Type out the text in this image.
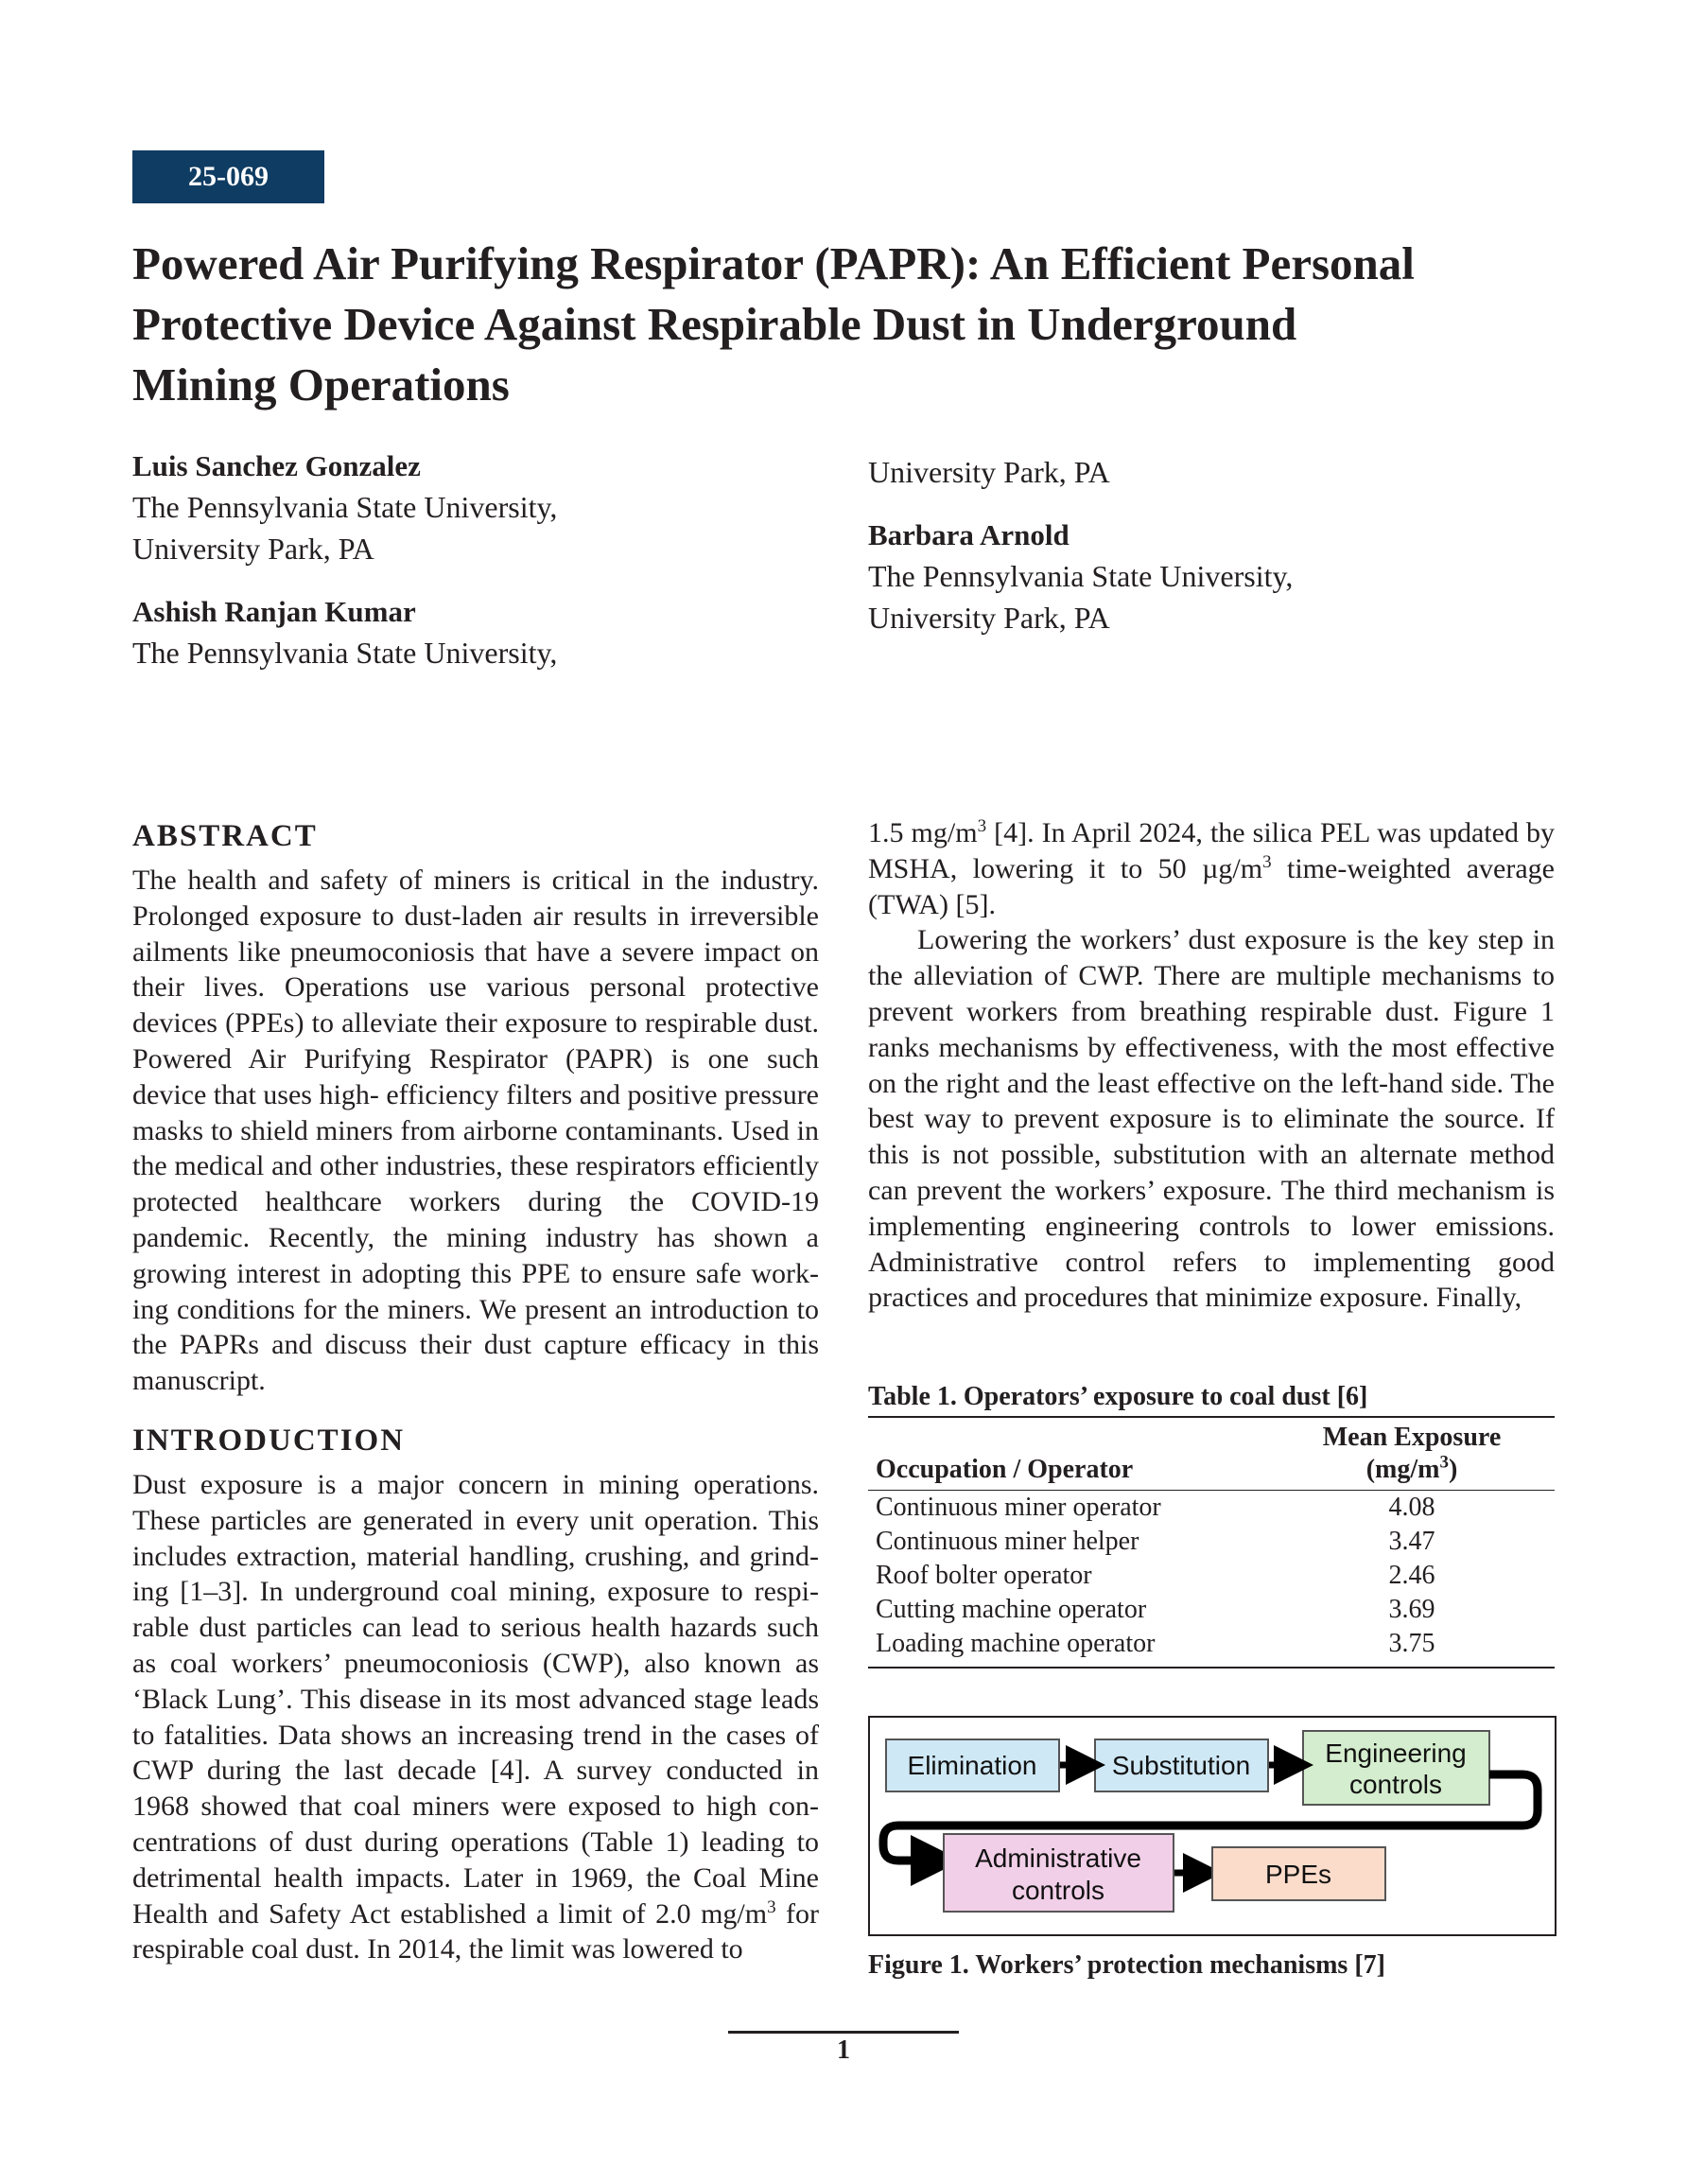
25-069
Powered Air Purifying Respirator (PAPR): An Efficient Personal
Protective Device Against Respirable Dust in Underground
Mining Operations
Luis Sanchez Gonzalez
The Pennsylvania State University,
University Park, PA
Ashish Ranjan Kumar
The Pennsylvania State University,
University Park, PA
Barbara Arnold
The Pennsylvania State University,
University Park, PA
ABSTRACT

The health and safety of miners is critical in the industry. Prolonged exposure to dust-laden air results in irreversible ailments like pneumoconiosis that have a severe impact on their lives. Operations use various personal protective devices (PPEs) to alleviate their exposure to respirable dust. Powered Air Purifying Respirator (PAPR) is one such device that uses high- efficiency filters and positive pressure masks to shield miners from airborne contaminants. Used in the medical and other industries, these respirators efficiently protected healthcare workers during the COVID-19 pandemic. Recently, the mining industry has shown a growing interest in adopting this PPE to ensure safe working conditions for the miners. We present an introduction to the PAPRs and discuss their dust capture efficacy in this manuscript.

INTRODUCTION

Dust exposure is a major concern in mining operations. These particles are generated in every unit operation. This includes extraction, material handling, crushing, and grinding [1–3]. In underground coal mining, exposure to respirable dust particles can lead to serious health hazards such as coal workers’ pneumoconiosis (CWP), also known as ‘Black Lung’. This disease in its most advanced stage leads to fatalities. Data shows an increasing trend in the cases of CWP during the last decade [4]. A survey conducted in 1968 showed that coal miners were exposed to high concentrations of dust during operations (Table 1) leading to detrimental health impacts. Later in 1969, the Coal Mine Health and Safety Act established a limit of 2.0 $mg/m^3$ for respirable coal dust. In 2014, the limit was lowered to

1.5 $mg/m^3$ [4]. In April 2024, the silica PEL was updated by MSHA, lowering it to 50 $\mu g/m^3$ time-weighted average (TWA) [5].

Lowering the workers’ dust exposure is the key step in the alleviation of CWP. There are multiple mechanisms to prevent workers from breathing respirable dust. Figure 1 ranks mechanisms by effectiveness, with the most effective on the right and the least effective on the left-hand side. The best way to prevent exposure is to eliminate the source. If this is not possible, substitution with an alternate method can prevent the workers’ exposure. The third mechanism is implementing engineering controls to lower emissions. Administrative control refers to implementing good practices and procedures that minimize exposure. Finally,

Table 1. Operators’ exposure to coal dust [6]
Occupation / Operator	Mean Exposure
$(mg/m^3)$
Continuous miner operator	4.08
Continuous miner helper	3.47
Roof bolter operator	2.46
Cutting machine operator	3.69
Loading machine operator	3.75
Elimination	Substitution	Engineering
controls
Administrative
controls
PPEs
Figure 1. Workers’ protection mechanisms [7]
1
